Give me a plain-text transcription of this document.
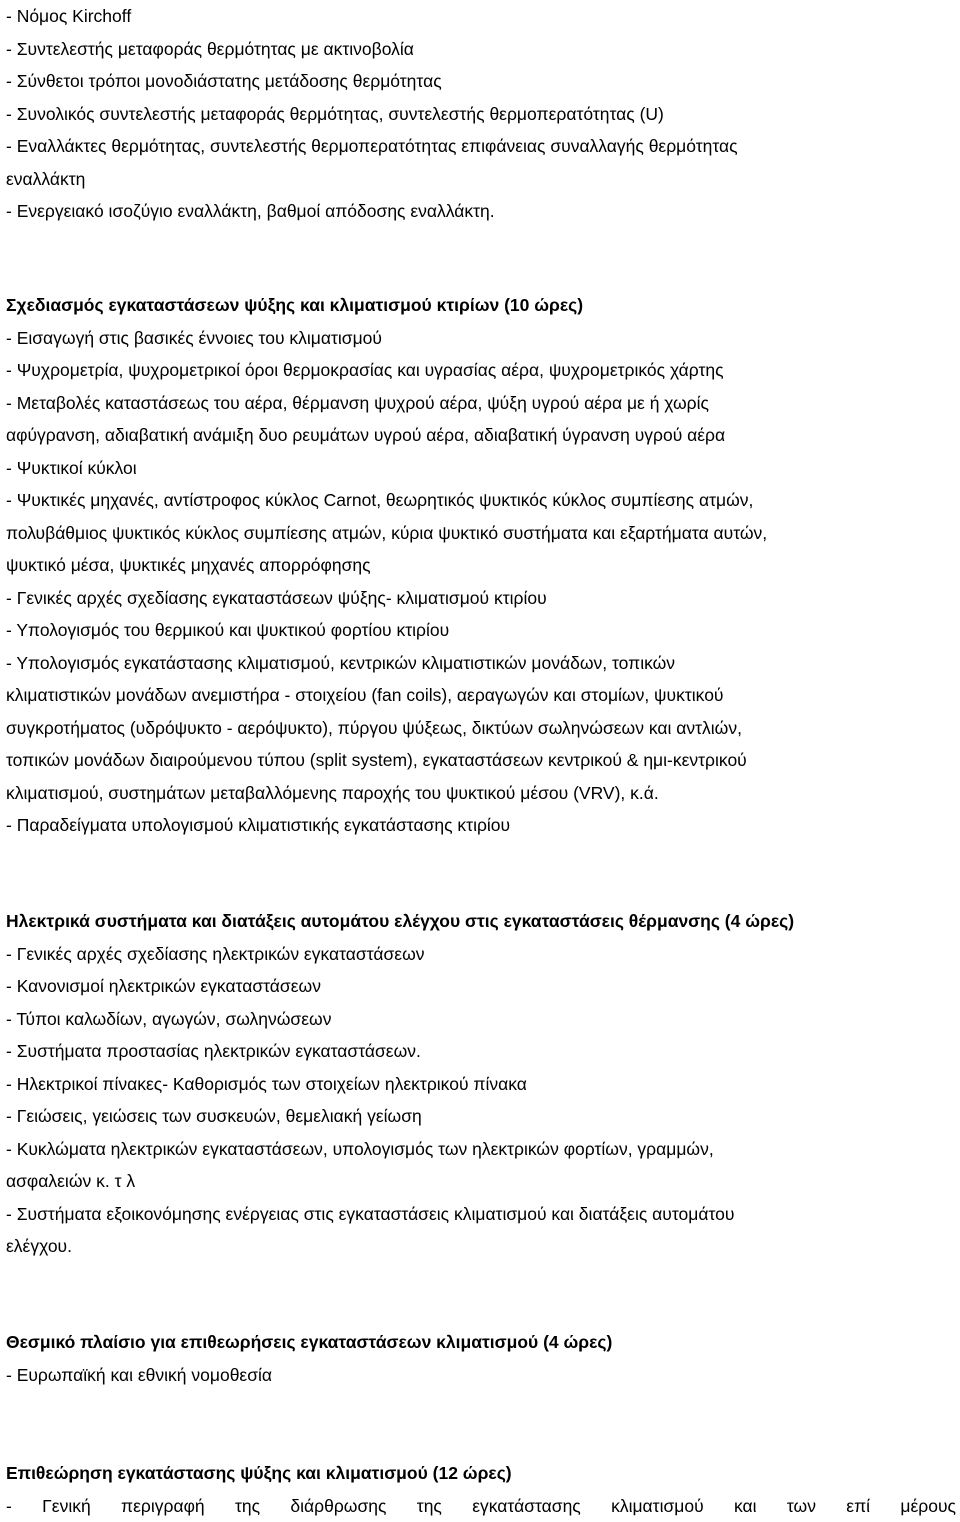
- Νόμος Kirchoff

- Συντελεστής μεταφοράς θερμότητας με ακτινοβολία

- Σύνθετοι τρόποι μονοδιάστατης μετάδοσης θερμότητας

- Συνολικός συντελεστής μεταφοράς θερμότητας, συντελεστής θερμοπερατότητας (U)

- Εναλλάκτες θερμότητας, συντελεστής θερμοπερατότητας επιφάνειας συναλλαγής θερμότητας

εναλλάκτη

- Ενεργειακό ισοζύγιο εναλλάκτη, βαθμοί απόδοσης εναλλάκτη.

Σχεδιασμός εγκαταστάσεων ψύξης και κλιματισμού κτιρίων (10 ώρες)

- Εισαγωγή στις βασικές έννοιες του κλιματισμού

- Ψυχρομετρία, ψυχρομετρικοί όροι θερμοκρασίας και υγρασίας αέρα, ψυχρομετρικός χάρτης

- Μεταβολές καταστάσεως του αέρα, θέρμανση ψυχρού αέρα, ψύξη υγρού αέρα με ή χωρίς

αφύγρανση, αδιαβατική ανάμιξη δυο ρευμάτων υγρού αέρα, αδιαβατική ύγρανση υγρού αέρα

- Ψυκτικοί κύκλοι

- Ψυκτικές μηχανές, αντίστροφος κύκλος Carnot, θεωρητικός ψυκτικός κύκλος συμπίεσης ατμών,

πολυβάθμιος ψυκτικός κύκλος συμπίεσης ατμών, κύρια ψυκτικό συστήματα και εξαρτήματα αυτών,

ψυκτικό μέσα, ψυκτικές μηχανές απορρόφησης

- Γενικές αρχές σχεδίασης εγκαταστάσεων ψύξης- κλιματισμού κτιρίου

- Υπολογισμός του θερμικού και ψυκτικού φορτίου κτιρίου

- Υπολογισμός εγκατάστασης κλιματισμού, κεντρικών κλιματιστικών μονάδων, τοπικών

κλιματιστικών μονάδων ανεμιστήρα - στοιχείου (fan coils), αεραγωγών και στομίων, ψυκτικού

συγκροτήματος (υδρόψυκτο - αερόψυκτο), πύργου ψύξεως, δικτύων σωληνώσεων και αντλιών,

τοπικών μονάδων διαιρούμενου τύπου (split system), εγκαταστάσεων κεντρικού & ημι-κεντρικού

κλιματισμού, συστημάτων μεταβαλλόμενης παροχής του ψυκτικού μέσου (VRV), κ.ά.

- Παραδείγματα υπολογισμού κλιματιστικής εγκατάστασης κτιρίου

Ηλεκτρικά συστήματα και διατάξεις αυτομάτου ελέγχου στις εγκαταστάσεις θέρμανσης (4 ώρες)

- Γενικές αρχές σχεδίασης ηλεκτρικών εγκαταστάσεων

- Κανονισμοί ηλεκτρικών εγκαταστάσεων

- Τύποι καλωδίων, αγωγών, σωληνώσεων

- Συστήματα προστασίας ηλεκτρικών εγκαταστάσεων.

- Ηλεκτρικοί πίνακες- Καθορισμός των στοιχείων ηλεκτρικού πίνακα

- Γειώσεις, γειώσεις των συσκευών, θεμελιακή γείωση

- Κυκλώματα ηλεκτρικών εγκαταστάσεων, υπολογισμός των ηλεκτρικών φορτίων, γραμμών,

ασφαλειών κ. τ λ

- Συστήματα εξοικονόμησης ενέργειας στις εγκαταστάσεις κλιματισμού και διατάξεις αυτομάτου

ελέγχου.

Θεσμικό πλαίσιο για επιθεωρήσεις εγκαταστάσεων κλιματισμού (4 ώρες)

- Ευρωπαϊκή και εθνική νομοθεσία

Επιθεώρηση εγκατάστασης ψύξης και κλιματισμού (12 ώρες)

- Γενική περιγραφή της διάρθρωσης της εγκατάστασης κλιματισμού και των επί μέρους
